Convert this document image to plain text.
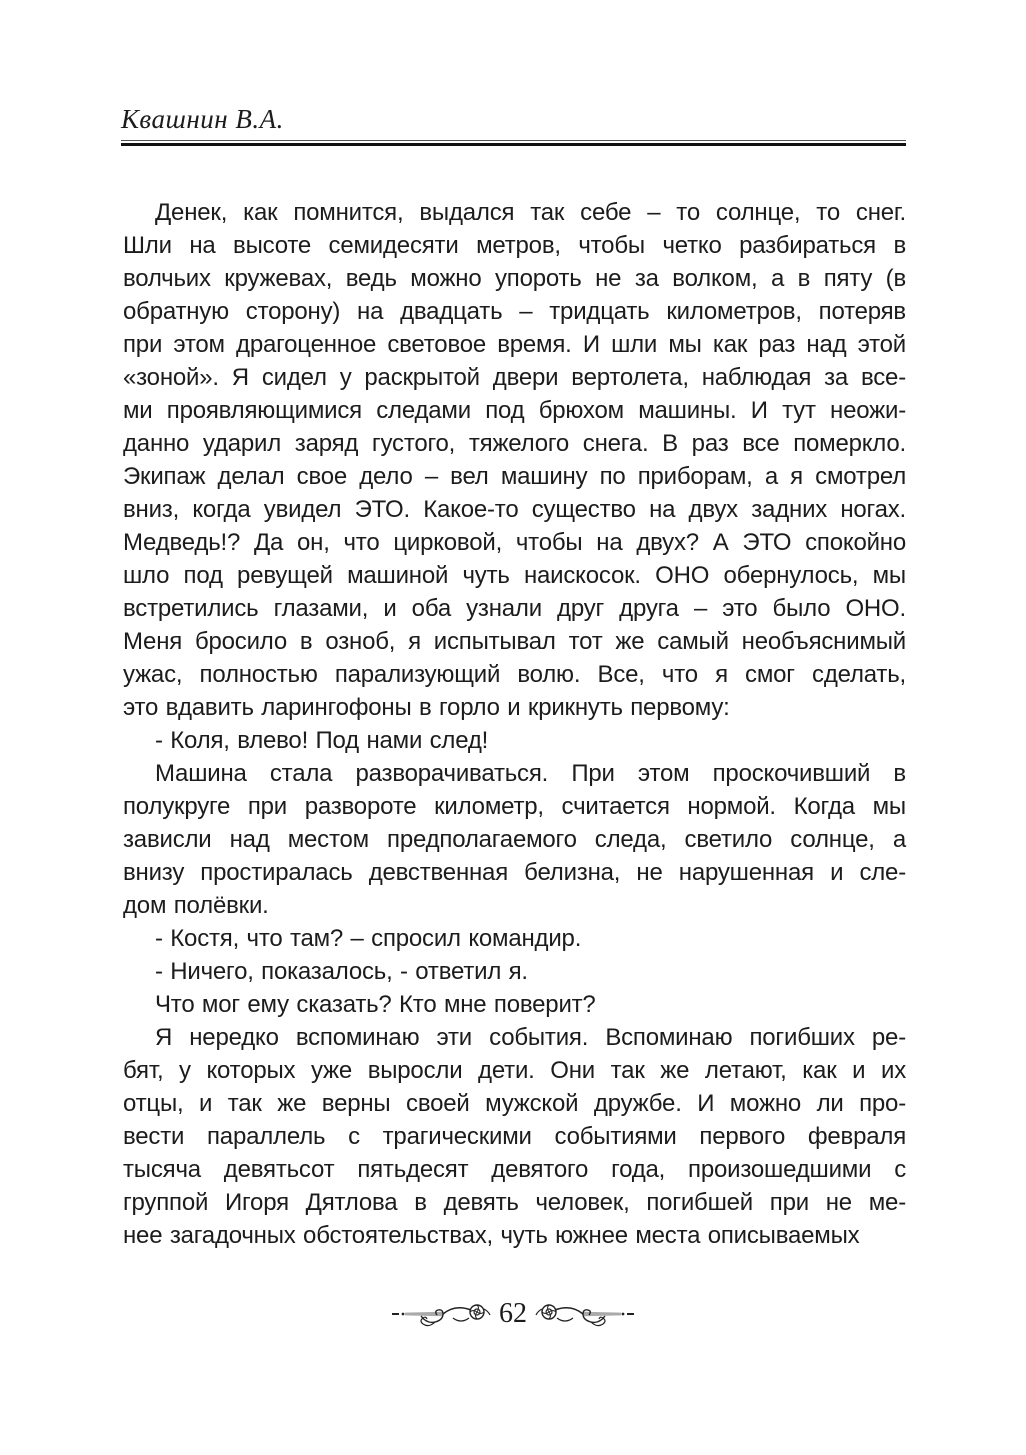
Квашнин В.А.
Денек, как помнится, выдался так себе – то солнце, то снег.
Шли на высоте семидесяти метров, чтобы четко разбираться в
волчьих кружевах, ведь можно упороть не за волком, а в пяту (в
обратную сторону) на двадцать – тридцать километров, потеряв
при этом драгоценное световое время. И шли мы как раз над этой
«зоной». Я сидел у раскрытой двери вертолета, наблюдая за все-
ми проявляющимися следами под брюхом машины. И тут неожи-
данно ударил заряд густого, тяжелого снега. В раз все померкло.
Экипаж делал свое дело – вел машину по приборам, а я смотрел
вниз, когда увидел ЭТО. Какое-то существо на двух задних ногах.
Медведь!? Да он, что цирковой, чтобы на двух? А ЭТО спокойно
шло под ревущей машиной чуть наискосок. ОНО обернулось, мы
встретились глазами, и оба узнали друг друга – это было ОНО.
Меня бросило в озноб, я испытывал тот же самый необъяснимый
ужас, полностью парализующий волю. Все, что я смог сделать,
это вдавить ларингофоны в горло и крикнуть первому:
- Коля, влево! Под нами след!
Машина стала разворачиваться. При этом проскочивший в
полукруге при развороте километр, считается нормой. Когда мы
зависли над местом предполагаемого следа, светило солнце, а
внизу простиралась девственная белизна, не нарушенная и сле-
дом полёвки.
- Костя, что там? – спросил командир.
- Ничего, показалось, - ответил я.
Что мог ему сказать? Кто мне поверит?
Я нередко вспоминаю эти события. Вспоминаю погибших ре-
бят, у которых уже выросли дети. Они так же летают, как и их
отцы, и так же верны своей мужской дружбе. И можно ли про-
вести параллель с трагическими событиями первого февраля
тысяча девятьсот пятьдесят девятого года, произошедшими с
группой Игоря Дятлова в девять человек, погибшей при не ме-
нее загадочных обстоятельствах, чуть южнее места описываемых
62
